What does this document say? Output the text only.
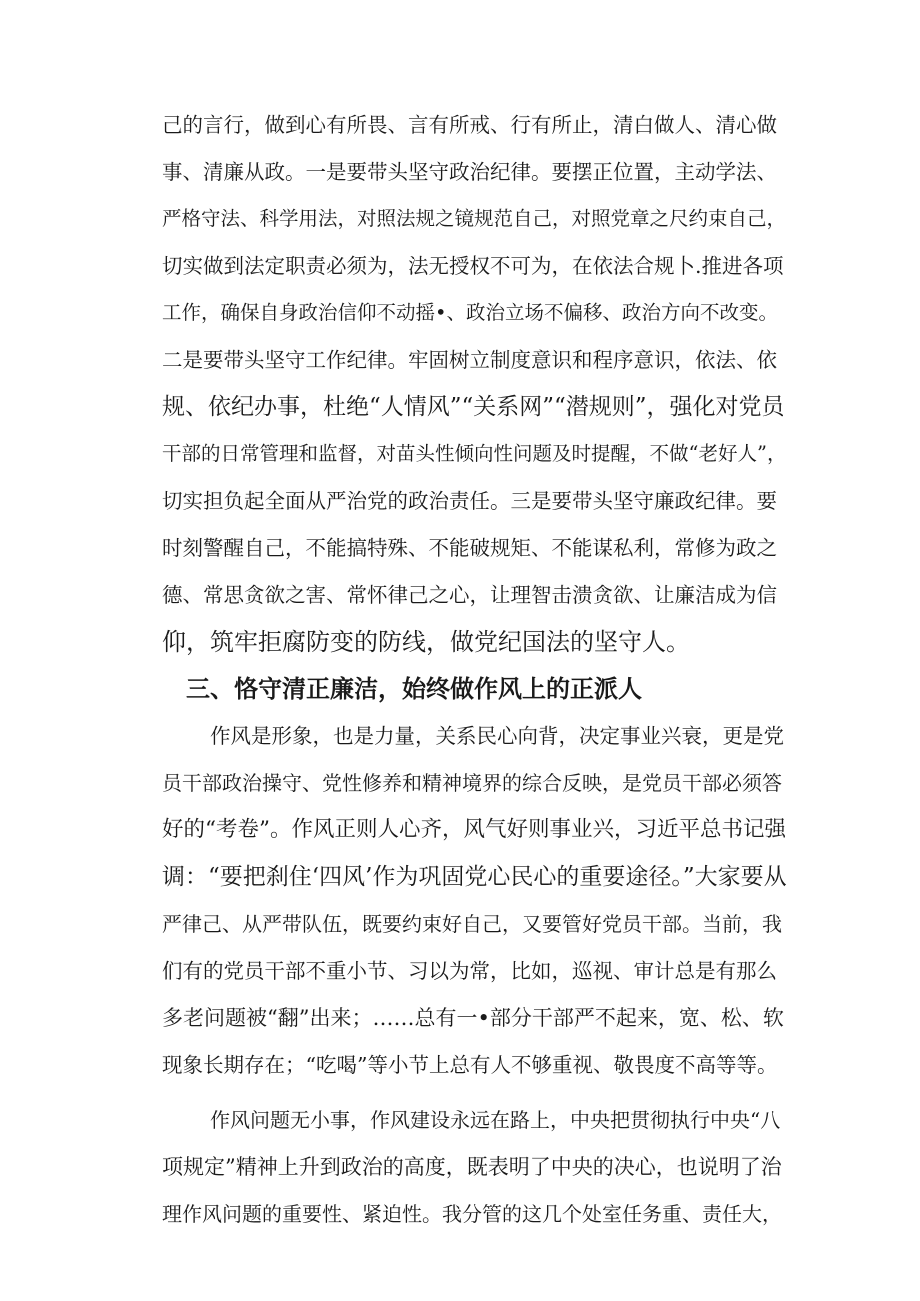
己的言行，做到心有所畏、言有所戒、行有所止，清白做人、清心做
事、清廉从政。一是要带头坚守政治纪律。要摆正位置，主动学法、
严格守法、科学用法，对照法规之镜规范自己，对照党章之尺约束自己，
切实做到法定职责必须为，法无授权不可为，在依法合规卜.推进各项
工作，确保自身政治信仰不动摇•、政治立场不偏移、政治方向不改变。
二是要带头坚守工作纪律。牢固树立制度意识和程序意识，依法、依
规、依纪办事，杜绝“人情风”“关系网”“潜规则”，强化对党员
干部的日常管理和监督，对苗头性倾向性问题及时提醒，不做“老好人”，
切实担负起全面从严治党的政治责任。三是要带头坚守廉政纪律。要
时刻警醒自己，不能搞特殊、不能破规矩、不能谋私利，常修为政之
德、常思贪欲之害、常怀律己之心，让理智击溃贪欲、让廉洁成为信
仰，筑牢拒腐防变的防线，做党纪国法的坚守人。
三、恪守清正廉洁，始终做作风上的正派人
作风是形象，也是力量，关系民心向背，决定事业兴衰，更是党
员干部政治操守、党性修养和精神境界的综合反映，是党员干部必须答
好的“考卷”。作风正则人心齐，风气好则事业兴，习近平总书记强
调：“要把刹住‘四风’作为巩固党心民心的重要途径。”大家要从
严律己、从严带队伍，既要约束好自己，又要管好党员干部。当前，我
们有的党员干部不重小节、习以为常，比如，巡视、审计总是有那么
多老问题被“翻”出来；……总有一•部分干部严不起来，宽、松、软
现象长期存在；“吃喝”等小节上总有人不够重视、敬畏度不高等等。
作风问题无小事，作风建设永远在路上，中央把贯彻执行中央“八
项规定”精神上升到政治的高度，既表明了中央的决心，也说明了治
理作风问题的重要性、紧迫性。我分管的这几个处室任务重、责任大，
